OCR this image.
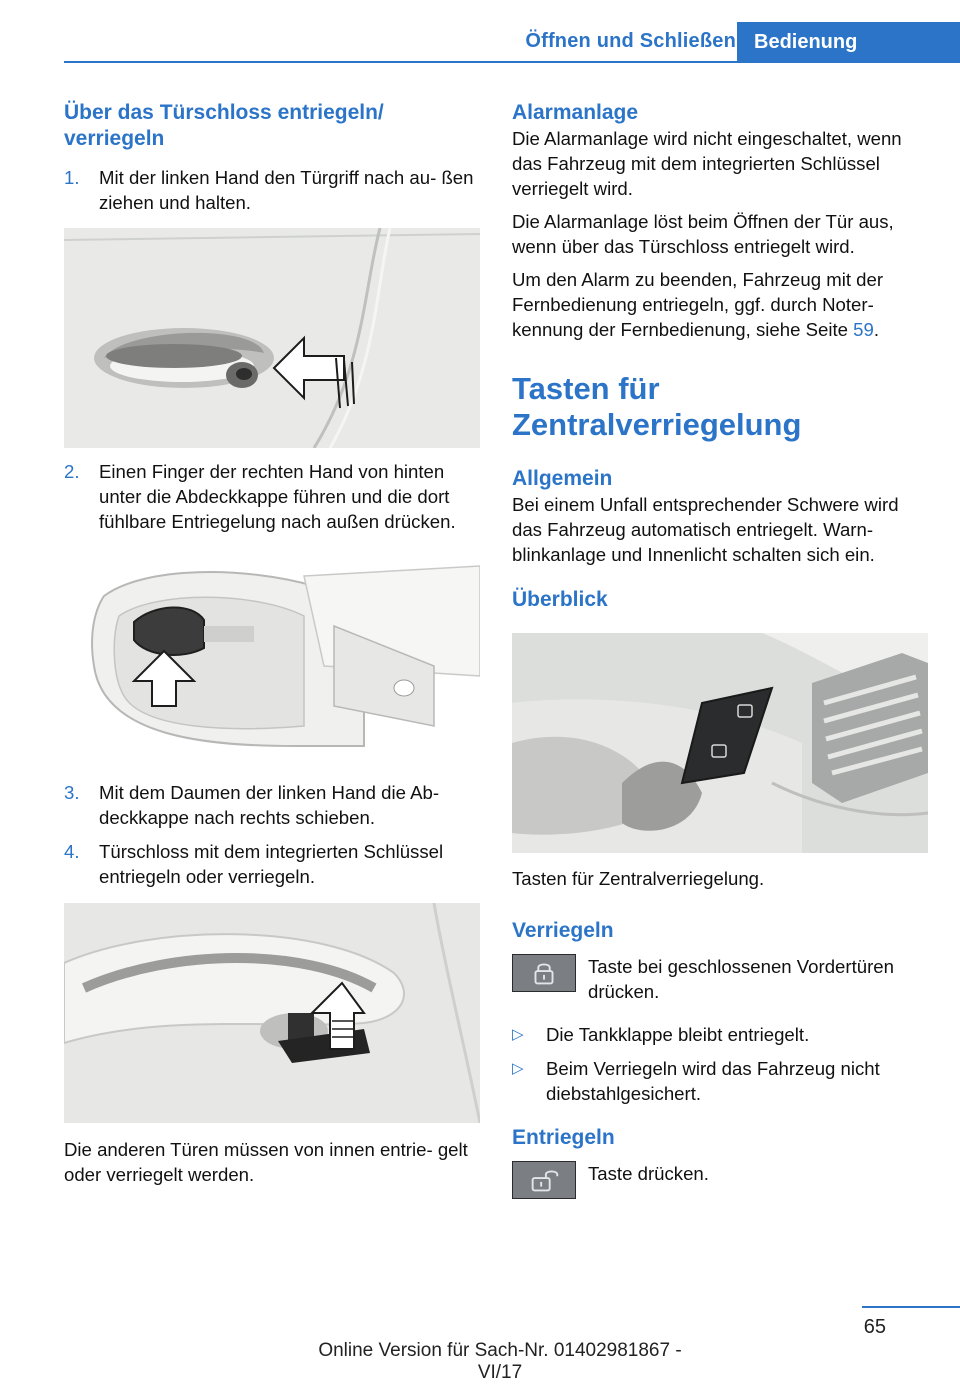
Öffnen und Schließen Bedienung
Über das Türschloss entriegeln/ verriegeln
1. Mit der linken Hand den Türgriff nach au‐ ßen ziehen und halten.
2. Einen Finger der rechten Hand von hinten unter die Abdeckkappe führen und die dort fühlbare Entriegelung nach außen drücken.
3. Mit dem Daumen der linken Hand die Ab‐ deckkappe nach rechts schieben.
4. Türschloss mit dem integrierten Schlüssel entriegeln oder verriegeln.

Die anderen Türen müssen von innen entrie‐ gelt oder verriegelt werden.

Alarmanlage

Die Alarmanlage wird nicht eingeschaltet, wenn das Fahrzeug mit dem integrierten Schlüssel verriegelt wird.

Die Alarmanlage löst beim Öffnen der Tür aus, wenn über das Türschloss entriegelt wird.

Um den Alarm zu beenden, Fahrzeug mit der Fernbedienung entriegeln, ggf. durch Noter‐ kennung der Fernbedienung, siehe Seite 59.

Tasten für Zentralverriegelung
Allgemein

Bei einem Unfall entsprechender Schwere wird das Fahrzeug automatisch entriegelt. Warn‐ blinkanlage und Innenlicht schalten sich ein.

Überblick

Tasten für Zentralverriegelung.

Verriegeln

Taste bei geschlossenen Vordertüren drücken.

▷ Die Tankklappe bleibt entriegelt.
▷ Beim Verriegeln wird das Fahrzeug nicht diebstahlgesichert.
Entriegeln

Taste drücken.

65
Online Version für Sach-Nr. 01402981867 - VI/17
